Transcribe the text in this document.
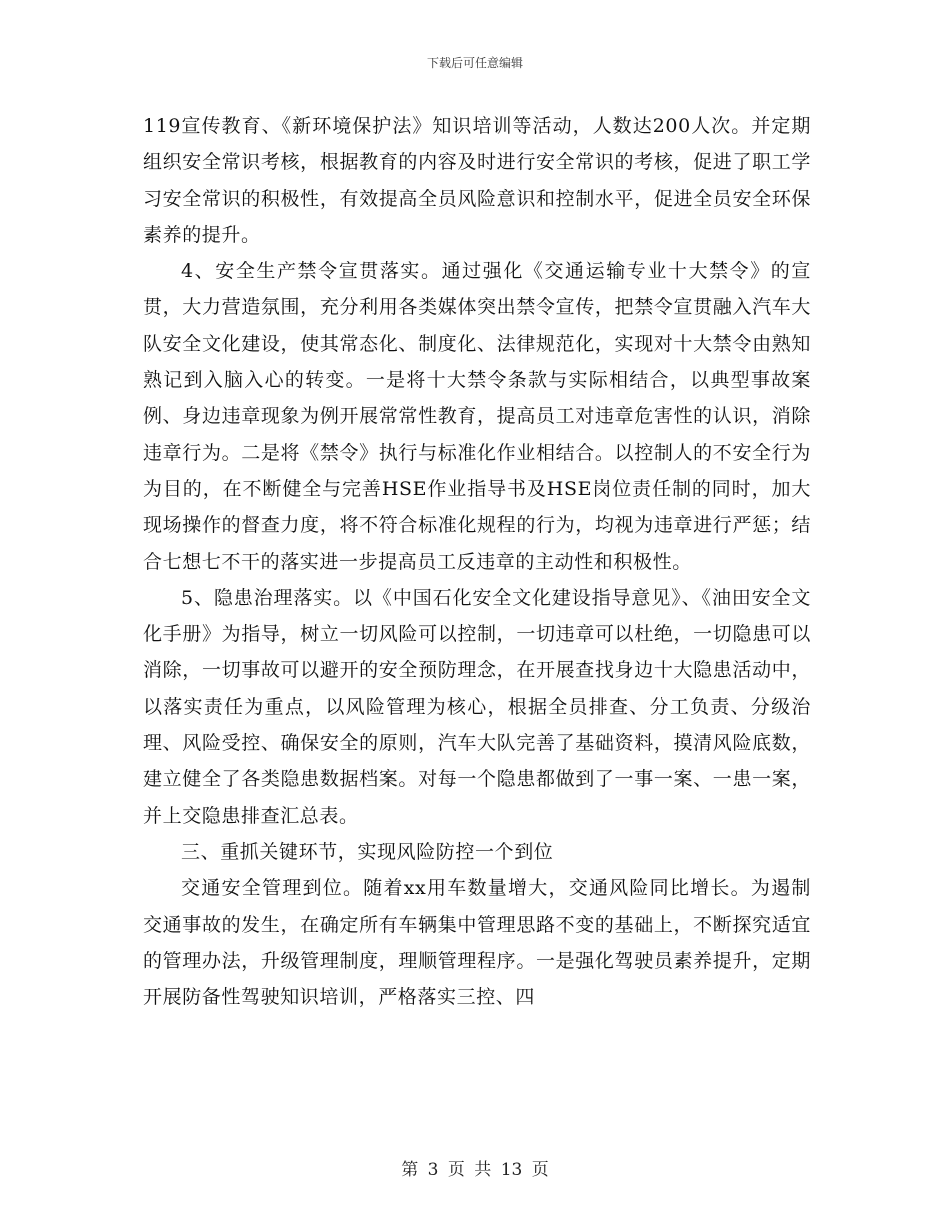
下载后可任意编辑

119宣传教育、《新环境保护法》知识培训等活动，人数达200人次。并定期组织安全常识考核，根据教育的内容及时进行安全常识的考核，促进了职工学习安全常识的积极性，有效提高全员风险意识和控制水平，促进全员安全环保素养的提升。

4、安全生产禁令宣贯落实。通过强化《交通运输专业十大禁令》的宣贯，大力营造氛围，充分利用各类媒体突出禁令宣传，把禁令宣贯融入汽车大队安全文化建设，使其常态化、制度化、法律规范化，实现对十大禁令由熟知熟记到入脑入心的转变。一是将十大禁令条款与实际相结合，以典型事故案例、身边违章现象为例开展常常性教育，提高员工对违章危害性的认识，消除违章行为。二是将《禁令》执行与标准化作业相结合。以控制人的不安全行为为目的，在不断健全与完善HSE作业指导书及HSE岗位责任制的同时，加大现场操作的督查力度，将不符合标准化规程的行为，均视为违章进行严惩；结合七想七不干的落实进一步提高员工反违章的主动性和积极性。

5、隐患治理落实。以《中国石化安全文化建设指导意见》、《油田安全文化手册》为指导，树立一切风险可以控制，一切违章可以杜绝，一切隐患可以消除，一切事故可以避开的安全预防理念，在开展查找身边十大隐患活动中，以落实责任为重点，以风险管理为核心，根据全员排查、分工负责、分级治理、风险受控、确保安全的原则，汽车大队完善了基础资料，摸清风险底数，建立健全了各类隐患数据档案。对每一个隐患都做到了一事一案、一患一案，并上交隐患排查汇总表。

三、重抓关键环节，实现风险防控一个到位

交通安全管理到位。随着xx用车数量增大，交通风险同比增长。为遏制交通事故的发生，在确定所有车辆集中管理思路不变的基础上，不断探究适宜的管理办法，升级管理制度，理顺管理程序。一是强化驾驶员素养提升，定期开展防备性驾驶知识培训，严格落实三控、四

第 3 页 共 13 页
